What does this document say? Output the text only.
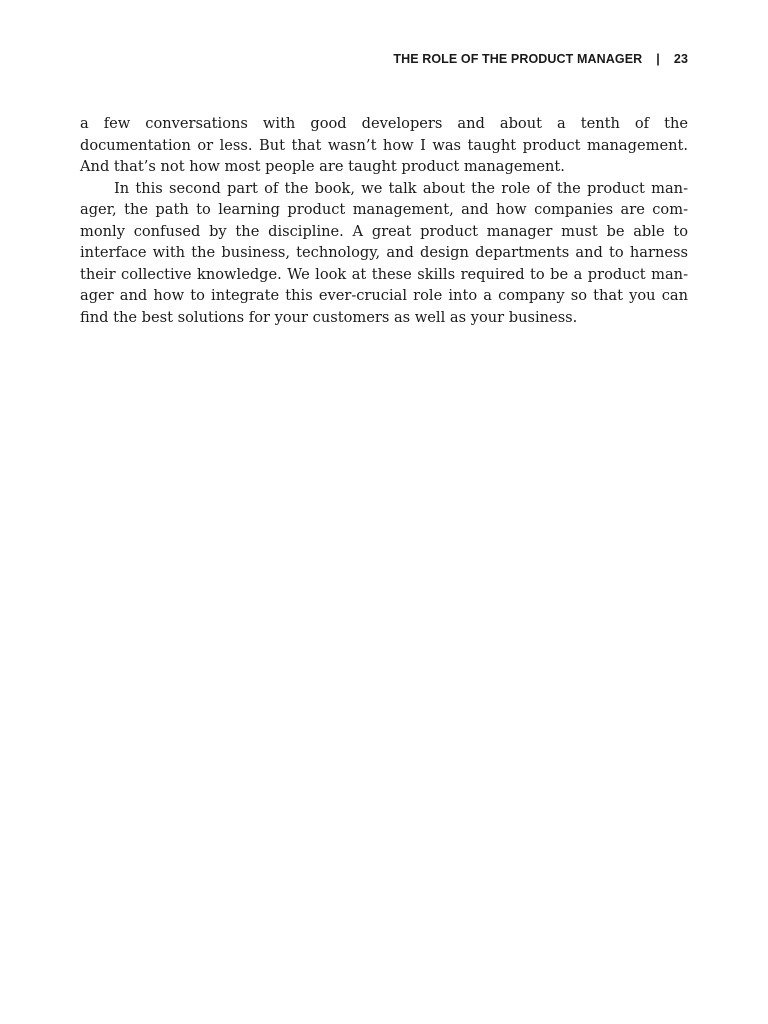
THE ROLE OF THE PRODUCT MANAGER | 23

a few conversations with good developers and about a tenth of the documentation or less. But that wasn’t how I was taught product management. And that’s not how most people are taught product management.

In this second part of the book, we talk about the role of the product manager, the path to learning product management, and how companies are commonly confused by the discipline. A great product manager must be able to interface with the business, technology, and design departments and to harness their collective knowledge. We look at these skills required to be a product manager and how to integrate this ever-crucial role into a company so that you can find the best solutions for your customers as well as your business.
